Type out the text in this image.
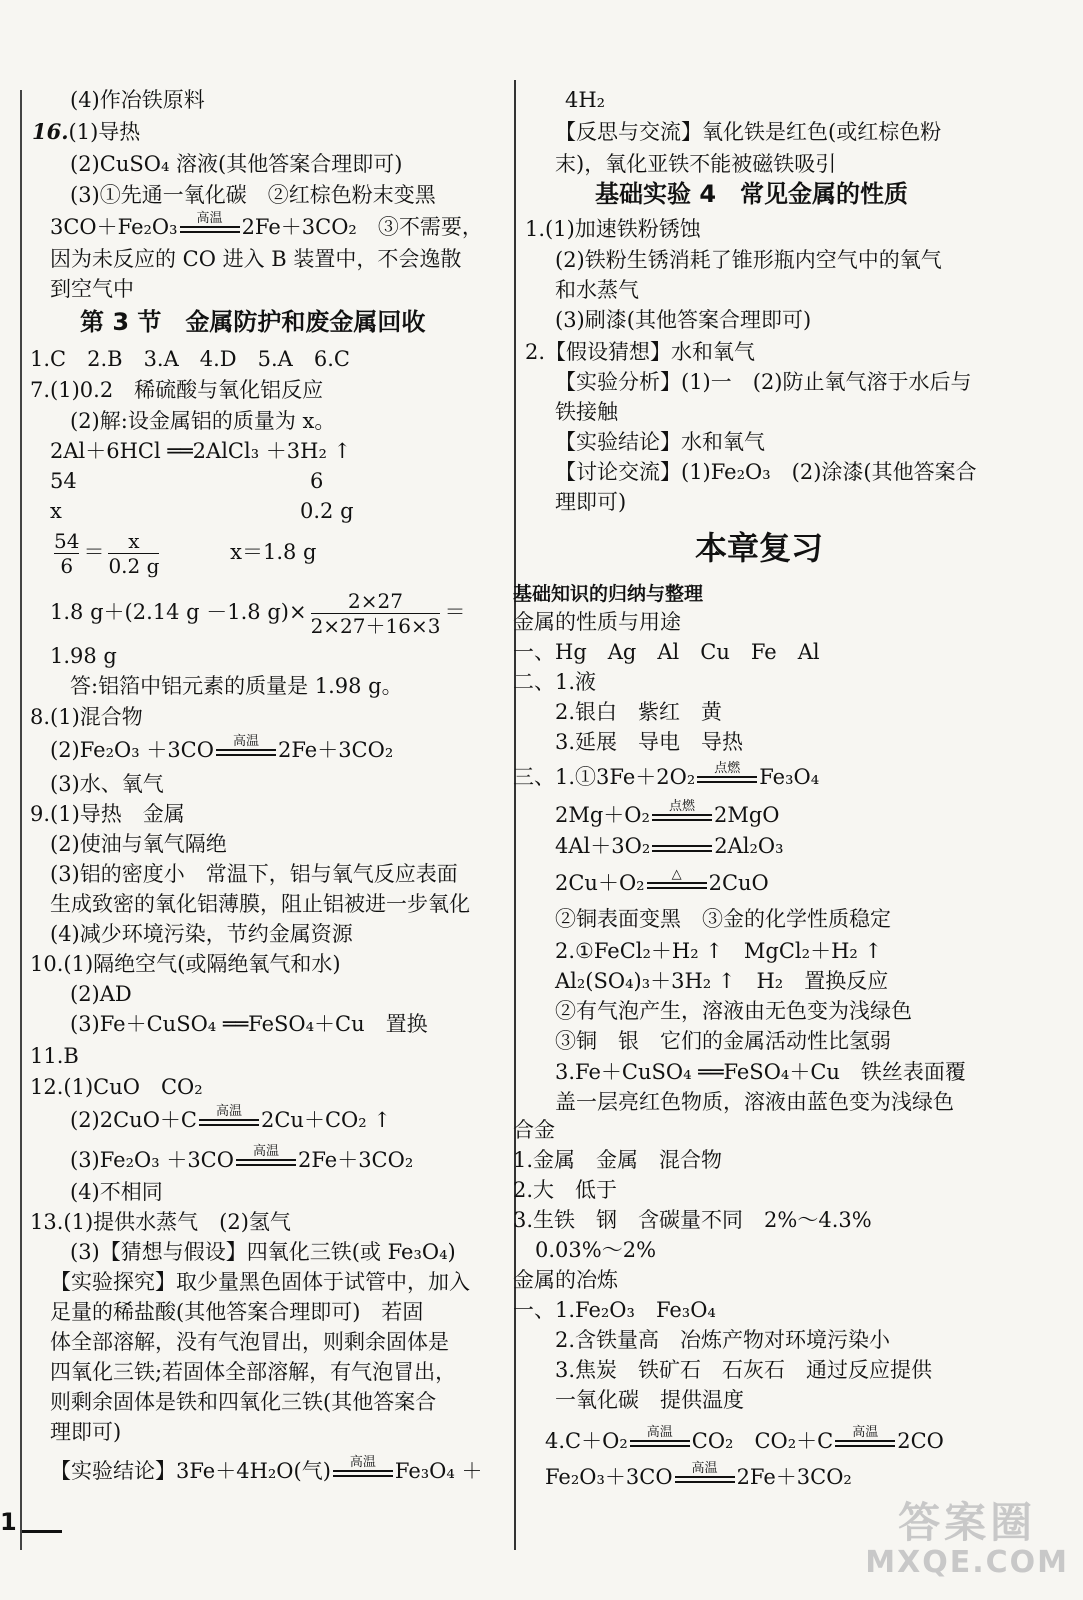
(4)作冶铁原料
16.(1)导热
(2)CuSO₄ 溶液(其他答案合理即可)
(3)①先通一氧化碳　②红棕色粉末变黑
3CO＋Fe₂O₃	高温 2Fe＋3CO₂　③不需要，
因为未反应的 CO 进入 B 装置中，不会逸散
到空气中
第 3 节　金属防护和废金属回收
1.C　2.B　3.A　4.D　5.A　6.C
7.(1)0.2　稀硫酸与氧化铝反应
(2)解:设金属铝的质量为 x。
2Al＋6HCl ══2AlCl₃ ＋3H₂ ↑
54	6
x	0.2 g
$\frac{54}{6} = \frac{x}{0.2 g}$	x＝1.8 g
1.8 g＋(2.14 g －1.8 $g)\times \frac{2\times 27}{2\times 27+16\times 3}$ ＝
1.98 g
答:铝箔中铝元素的质量是 1.98 g。
8.(1)混合物
(2)Fe₂O₃ ＋3CO	高温 2Fe＋3CO₂
(3)水、氧气
9.(1)导热　金属
(2)使油与氧气隔绝
(3)铝的密度小　常温下，铝与氧气反应表面
生成致密的氧化铝薄膜，阻止铝被进一步氧化
(4)减少环境污染，节约金属资源
10.(1)隔绝空气(或隔绝氧气和水)
(2)AD
(3)Fe＋CuSO₄ ══FeSO₄＋Cu　置换
11.B
12.(1)CuO　CO₂
(2)2CuO＋C	高温 2Cu＋CO₂ ↑
(3)Fe₂O₃ ＋3CO	高温 2Fe＋3CO₂
(4)不相同
13.(1)提供水蒸气　(2)氢气
(3)【猜想与假设】四氧化三铁(或 Fe₃O₄)
【实验探究】取少量黑色固体于试管中，加入
足量的稀盐酸(其他答案合理即可)　若固
体全部溶解，没有气泡冒出，则剩余固体是
四氧化三铁;若固体全部溶解，有气泡冒出，
则剩余固体是铁和四氧化三铁(其他答案合
理即可)
【实验结论】3Fe＋4H₂O(气)	高温 Fe₃O₄ ＋
4H₂
【反思与交流】氧化铁是红色(或红棕色粉
末)，氧化亚铁不能被磁铁吸引
基础实验 4　常见金属的性质
1.(1)加速铁粉锈蚀
(2)铁粉生锈消耗了锥形瓶内空气中的氧气
和水蒸气
(3)刷漆(其他答案合理即可)
2.【假设猜想】水和氧气
【实验分析】(1)一　(2)防止氧气溶于水后与
铁接触
【实验结论】水和氧气
【讨论交流】(1)Fe₂O₃　(2)涂漆(其他答案合
理即可)
本章复习
基础知识的归纳与整理
金属的性质与用途
一、Hg　Ag　Al　Cu　Fe　Al
二、1.液
2.银白　紫红　黄
3.延展　导电　导热
三、1.①3Fe＋2O₂	点燃 Fe₃O₄
2Mg＋O₂	点燃 2MgO
4Al＋3O₂	2Al₂O₃
2Cu＋O₂	△	2CuO
②铜表面变黑　③金的化学性质稳定
2.①FeCl₂＋H₂ ↑　MgCl₂＋H₂ ↑
Al₂(SO₄)₃＋3H₂ ↑　H₂　置换反应
②有气泡产生，溶液由无色变为浅绿色
③铜　银　它们的金属活动性比氢弱
3.Fe＋CuSO₄ ══FeSO₄＋Cu　铁丝表面覆
盖一层亮红色物质，溶液由蓝色变为浅绿色
合金
1.金属　金属　混合物
2.大　低于
3.生铁　钢　含碳量不同　2%～4.3%
0.03%～2%
金属的冶炼
一、1.Fe₂O₃　Fe₃O₄
2.含铁量高　冶炼产物对环境污染小
3.焦炭　铁矿石　石灰石　通过反应提供
一氧化碳　提供温度
4.C＋O₂	高温 CO₂　CO₂＋C	高温 2CO
Fe₂O₃＋3CO	高温 2Fe＋3CO₂
1	答案圈
MXQE.COM
